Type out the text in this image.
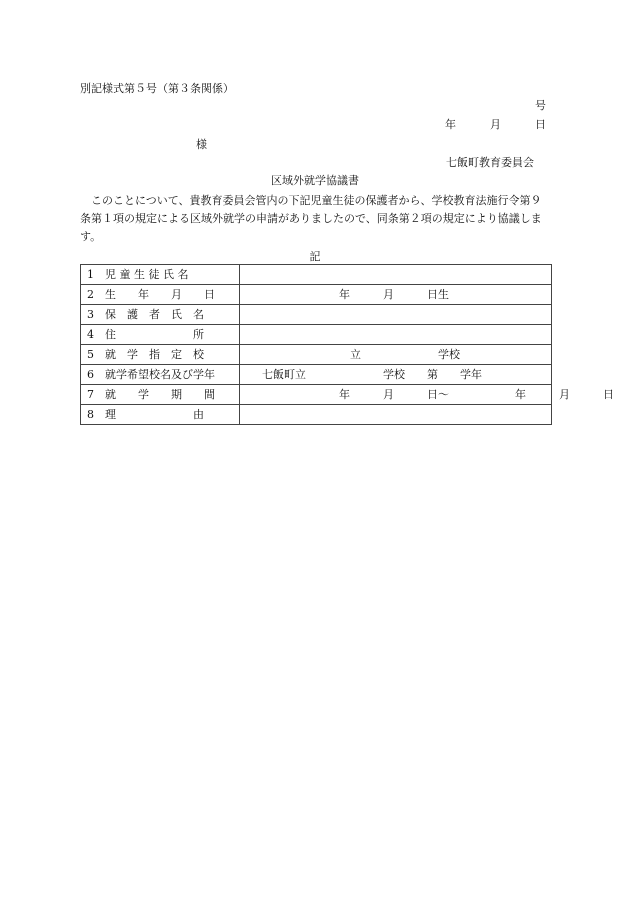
別記様式第５号（第３条関係）
号
年	月	日
様
七飯町教育委員会
区域外就学協議書
　このことについて、貴教育委員会管内の下記児童生徒の保護者から、学校教育法施行令第９条第１項の規定による区域外就学の申請がありましたので、同条第２項の規定により協議します。
記
1　児 童 生 徒 氏 名	
2　生　　年　　月　　日	　　　　　　　　　年　　　月　　　日生
3　保　護　者　氏　名	
4　住　　　　　　　所	
5　就　学　指　定　校	　　　　　　　　　　立　　　　　　　学校
6　就学希望校名及び学年	　　七飯町立　　　　　　　学校　　第　　学年
7　就　　学　　期　　間	　　　　　　　　　年　　　月　　　日～　　　　　　年　　　月　　　日
8　理　　　　　　　由	
